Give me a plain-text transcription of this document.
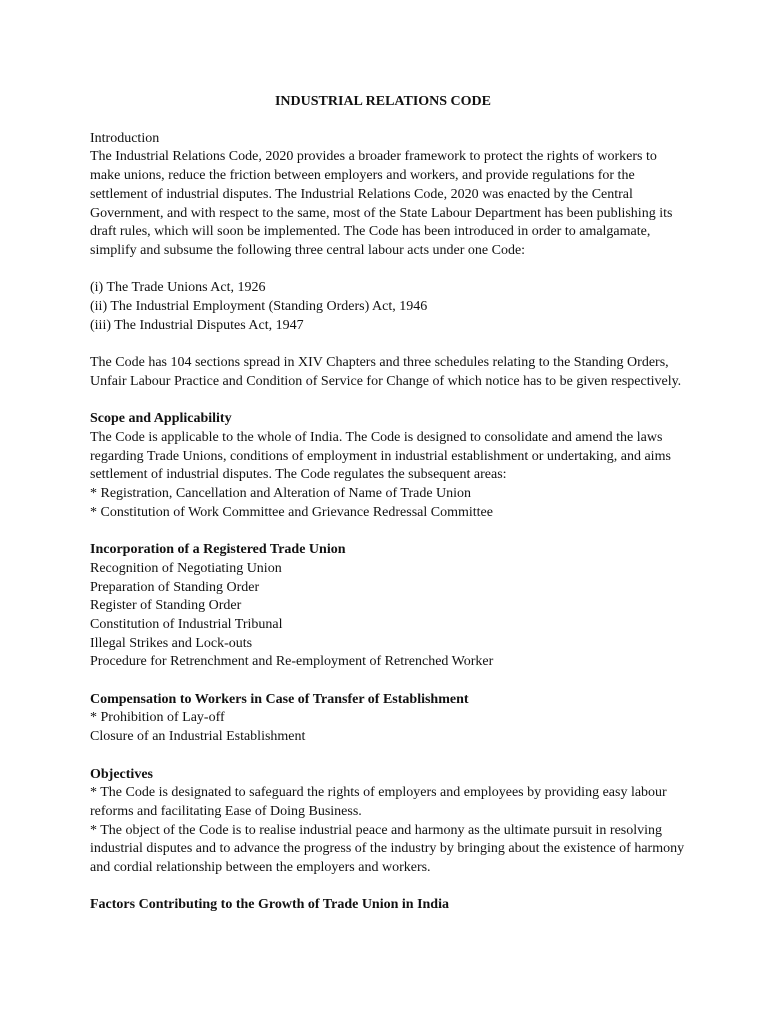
INDUSTRIAL RELATIONS CODE

Introduction

The Industrial Relations Code, 2020 provides a broader framework to protect the rights of workers to make unions, reduce the friction between employers and workers, and provide regulations for the settlement of industrial disputes. The Industrial Relations Code, 2020 was enacted by the Central Government, and with respect to the same, most of the State Labour Department has been publishing its draft rules, which will soon be implemented. The Code has been introduced in order to amalgamate, simplify and subsume the following three central labour acts under one Code:

(i) The Trade Unions Act, 1926
(ii) The Industrial Employment (Standing Orders) Act, 1946
(iii) The Industrial Disputes Act, 1947

The Code has 104 sections spread in XIV Chapters and three schedules relating to the Standing Orders, Unfair Labour Practice and Condition of Service for Change of which notice has to be given respectively.

Scope and Applicability

The Code is applicable to the whole of India. The Code is designed to consolidate and amend the laws regarding Trade Unions, conditions of employment in industrial establishment or undertaking, and aims settlement of industrial disputes. The Code regulates the subsequent areas:

* Registration, Cancellation and Alteration of Name of Trade Union
* Constitution of Work Committee and Grievance Redressal Committee

Incorporation of a Registered Trade Union

Recognition of Negotiating Union
Preparation of Standing Order
Register of Standing Order
Constitution of Industrial Tribunal
Illegal Strikes and Lock-outs
Procedure for Retrenchment and Re-employment of Retrenched Worker

Compensation to Workers in Case of Transfer of Establishment

* Prohibition of Lay-off
Closure of an Industrial Establishment

Objectives

* The Code is designated to safeguard the rights of employers and employees by providing easy labour reforms and facilitating Ease of Doing Business.

* The object of the Code is to realise industrial peace and harmony as the ultimate pursuit in resolving industrial disputes and to advance the progress of the industry by bringing about the existence of harmony and cordial relationship between the employers and workers.

Factors Contributing to the Growth of Trade Union in India
